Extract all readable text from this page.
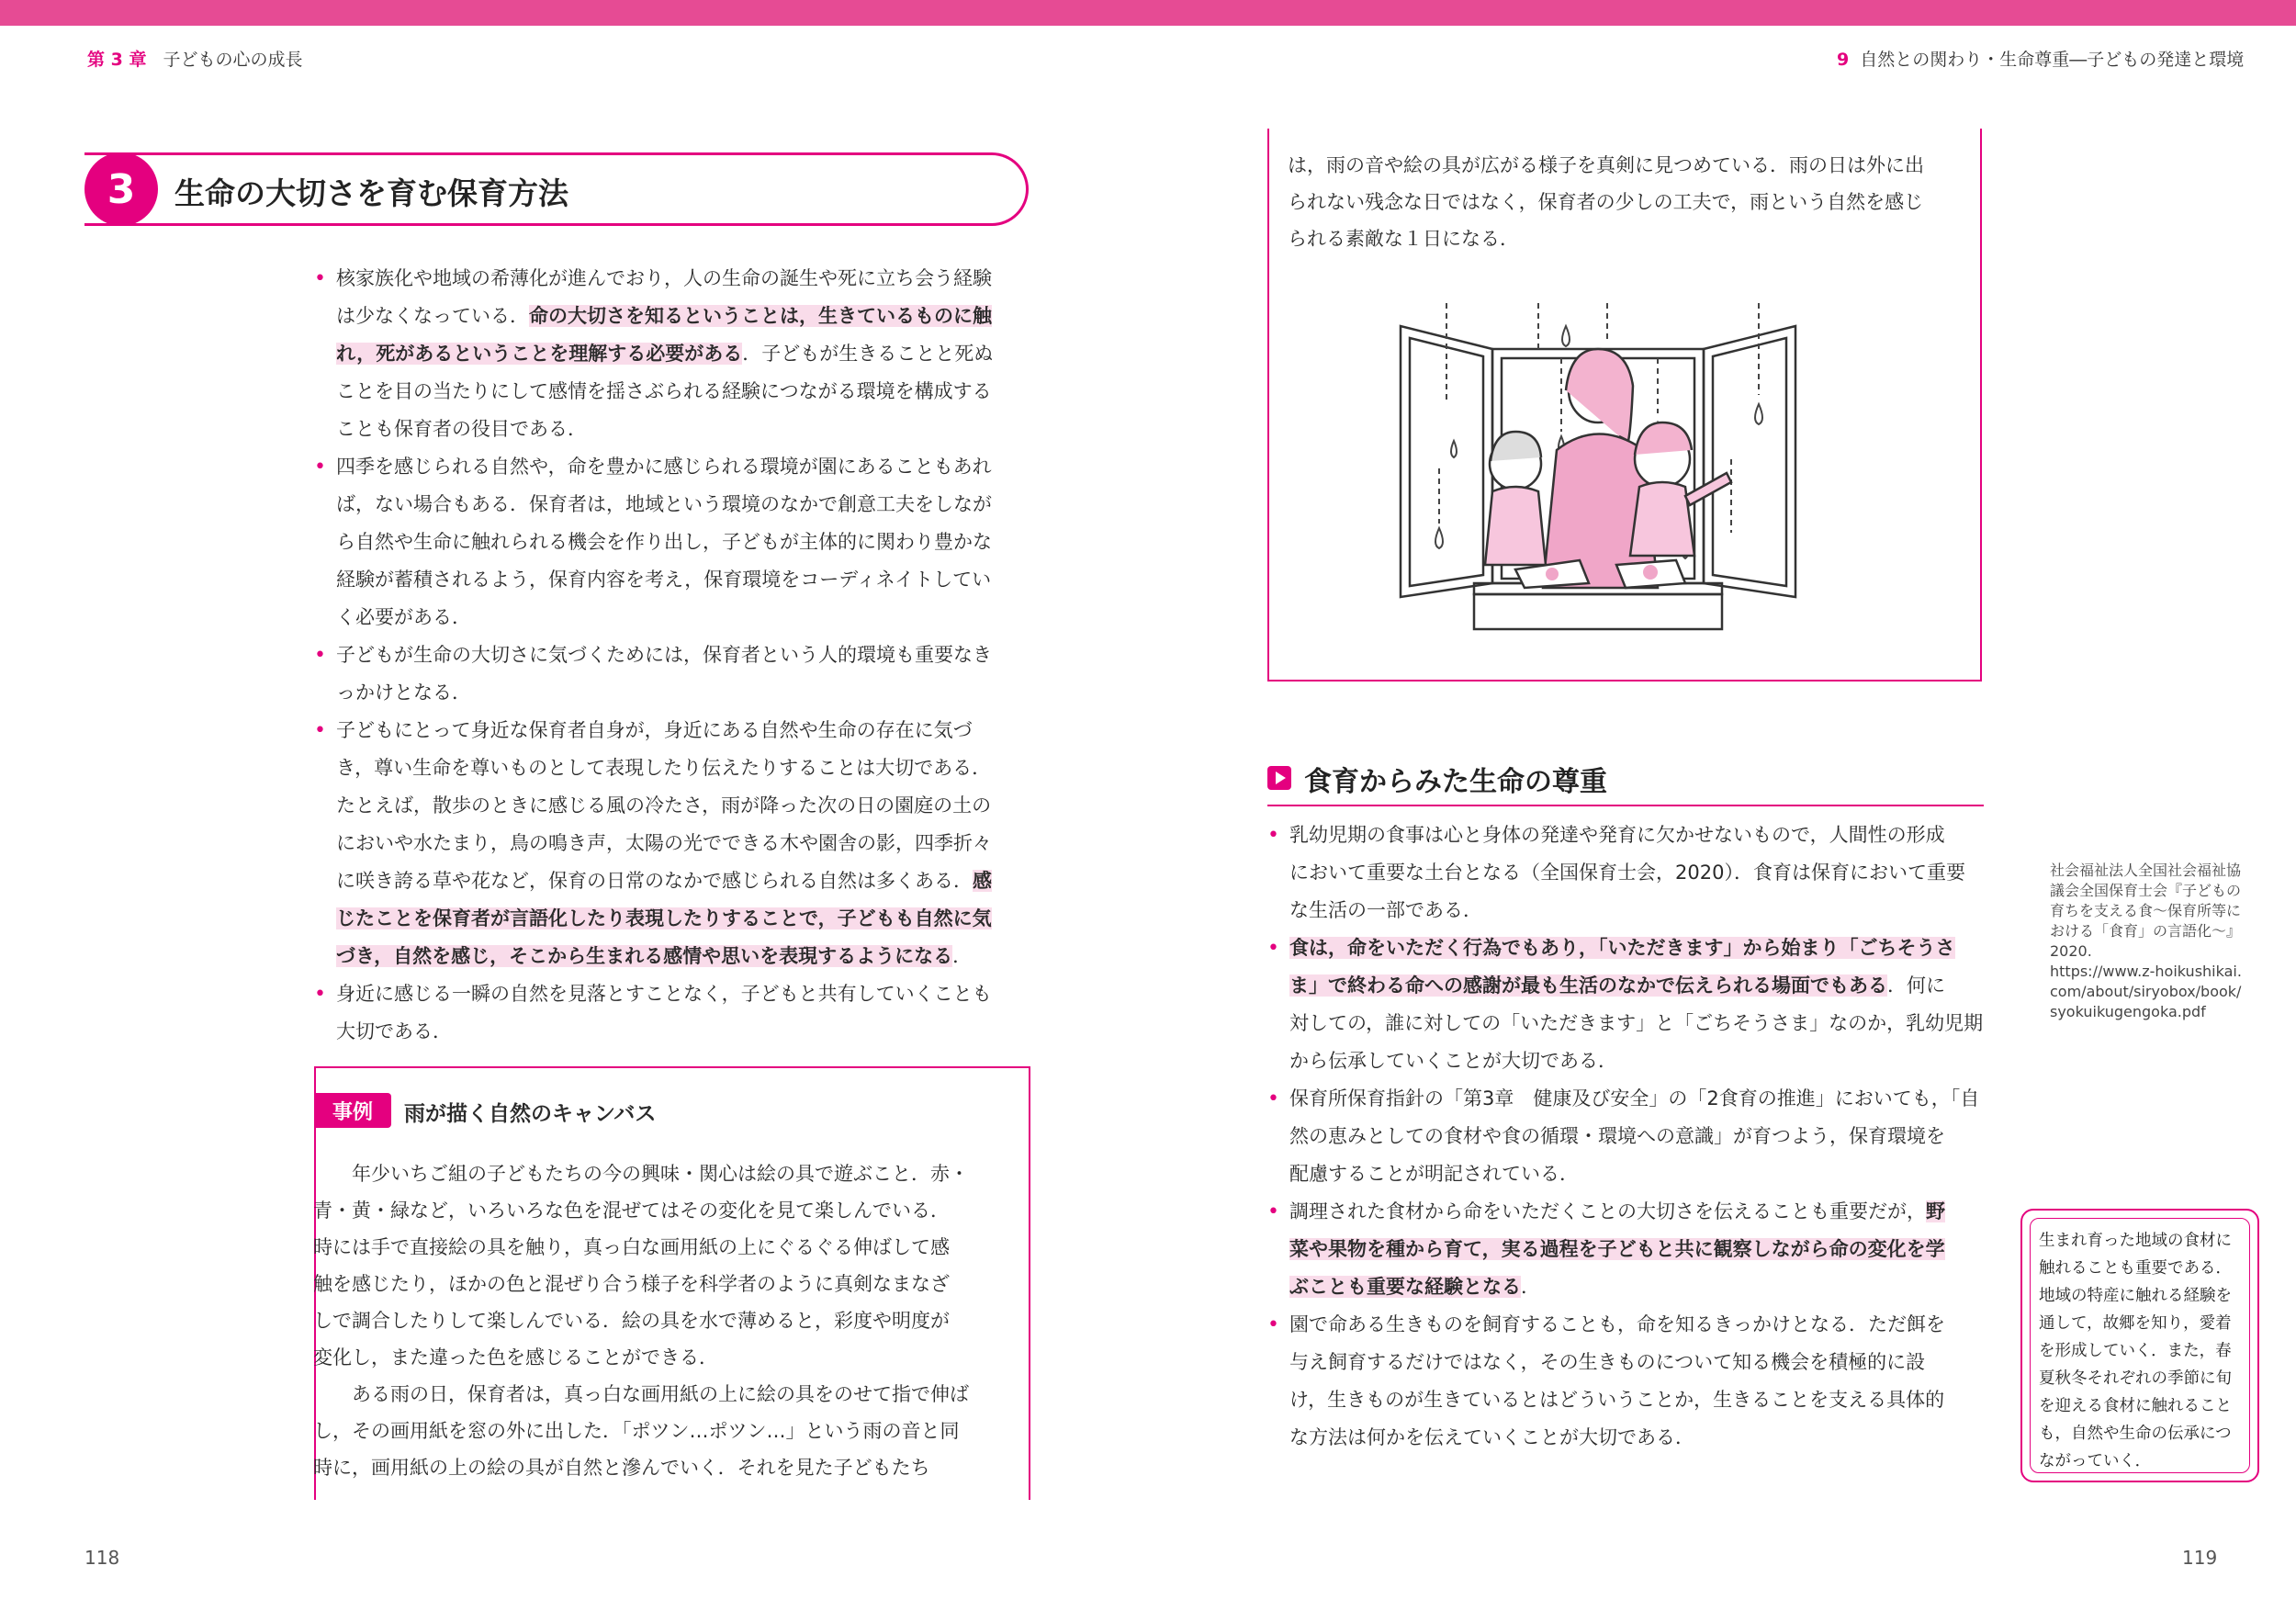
第 3 章 子どもの心の成長	9 自然との関わり・生命尊重―子どもの発達と環境
3	生命の大切さを育む保育方法

• 核家族化や地域の希薄化が進んでおり，人の生命の誕生や死に立ち会う経験
は少なくなっている．命の大切さを知るということは，生きているものに触
れ，死があるということを理解する必要がある．子どもが生きることと死ぬ
ことを目の当たりにして感情を揺さぶられる経験につながる環境を構成する
ことも保育者の役目である．

• 四季を感じられる自然や，命を豊かに感じられる環境が園にあることもあれ
ば，ない場合もある．保育者は，地域という環境のなかで創意工夫をしなが
ら自然や生命に触れられる機会を作り出し，子どもが主体的に関わり豊かな
経験が蓄積されるよう，保育内容を考え，保育環境をコーディネイトしてい
く必要がある．

• 子どもが生命の大切さに気づくためには，保育者という人的環境も重要なき
っかけとなる．

• 子どもにとって身近な保育者自身が，身近にある自然や生命の存在に気づ
き，尊い生命を尊いものとして表現したり伝えたりすることは大切である．
たとえば，散歩のときに感じる風の冷たさ，雨が降った次の日の園庭の土の
においや水たまり，鳥の鳴き声，太陽の光でできる木や園舎の影，四季折々
に咲き誇る草や花など，保育の日常のなかで感じられる自然は多くある．感
じたことを保育者が言語化したり表現したりすることで，子どもも自然に気
づき，自然を感じ，そこから生まれる感情や思いを表現するようになる．

• 身近に感じる一瞬の自然を見落とすことなく，子どもと共有していくことも
大切である．

事例	雨が描く自然のキャンバス

年少いちご組の子どもたちの今の興味・関心は絵の具で遊ぶこと．赤・
青・黄・緑など，いろいろな色を混ぜてはその変化を見て楽しんでいる．
時には手で直接絵の具を触り，真っ白な画用紙の上にぐるぐる伸ばして感
触を感じたり，ほかの色と混ぜり合う様子を科学者のように真剣なまなざ
しで調合したりして楽しんでいる．絵の具を水で薄めると，彩度や明度が
変化し，また違った色を感じることができる．

ある雨の日，保育者は，真っ白な画用紙の上に絵の具をのせて指で伸ば
し，その画用紙を窓の外に出した．「ポツン…ポツン…」という雨の音と同
時に，画用紙の上の絵の具が自然と滲んでいく．それを見た子どもたち

は，雨の音や絵の具が広がる様子を真剣に見つめている．雨の日は外に出
られない残念な日ではなく，保育者の少しの工夫で，雨という自然を感じ
られる素敵な１日になる．

食育からみた生命の尊重

• 乳幼児期の食事は心と身体の発達や発育に欠かせないもので，人間性の形成
において重要な土台となる（全国保育士会，2020）．食育は保育において重要
な生活の一部である．

• 食は，命をいただく行為でもあり，「いただきます」から始まり「ごちそうさ
ま」で終わる命への感謝が最も生活のなかで伝えられる場面でもある．何に
対しての，誰に対しての「いただきます」と「ごちそうさま」なのか，乳幼児期
から伝承していくことが大切である．

• 保育所保育指針の「第3章　健康及び安全」の「2食育の推進」においても，「自
然の恵みとしての食材や食の循環・環境への意識」が育つよう，保育環境を
配慮することが明記されている．

• 調理された食材から命をいただくことの大切さを伝えることも重要だが，野
菜や果物を種から育て，実る過程を子どもと共に観察しながら命の変化を学
ぶことも重要な経験となる．

• 園で命ある生きものを飼育することも，命を知るきっかけとなる．ただ餌を
与え飼育するだけではなく，その生きものについて知る機会を積極的に設
け，生きものが生きているとはどういうことか，生きることを支える具体的
な方法は何かを伝えていくことが大切である．

社会福祉法人全国社会福祉協
議会全国保育士会『子どもの
育ちを支える食〜保育所等に
おける「食育」の言語化〜』
2020.
https://www.z-hoikushikai.
com/about/siryobox/book/
syokuikugengoka.pdf
生まれ育った地域の食材に
触れることも重要である．
地域の特産に触れる経験を
通して，故郷を知り，愛着
を形成していく．また，春
夏秋冬それぞれの季節に旬
を迎える食材に触れること
も，自然や生命の伝承につ
ながっていく．
118	119
